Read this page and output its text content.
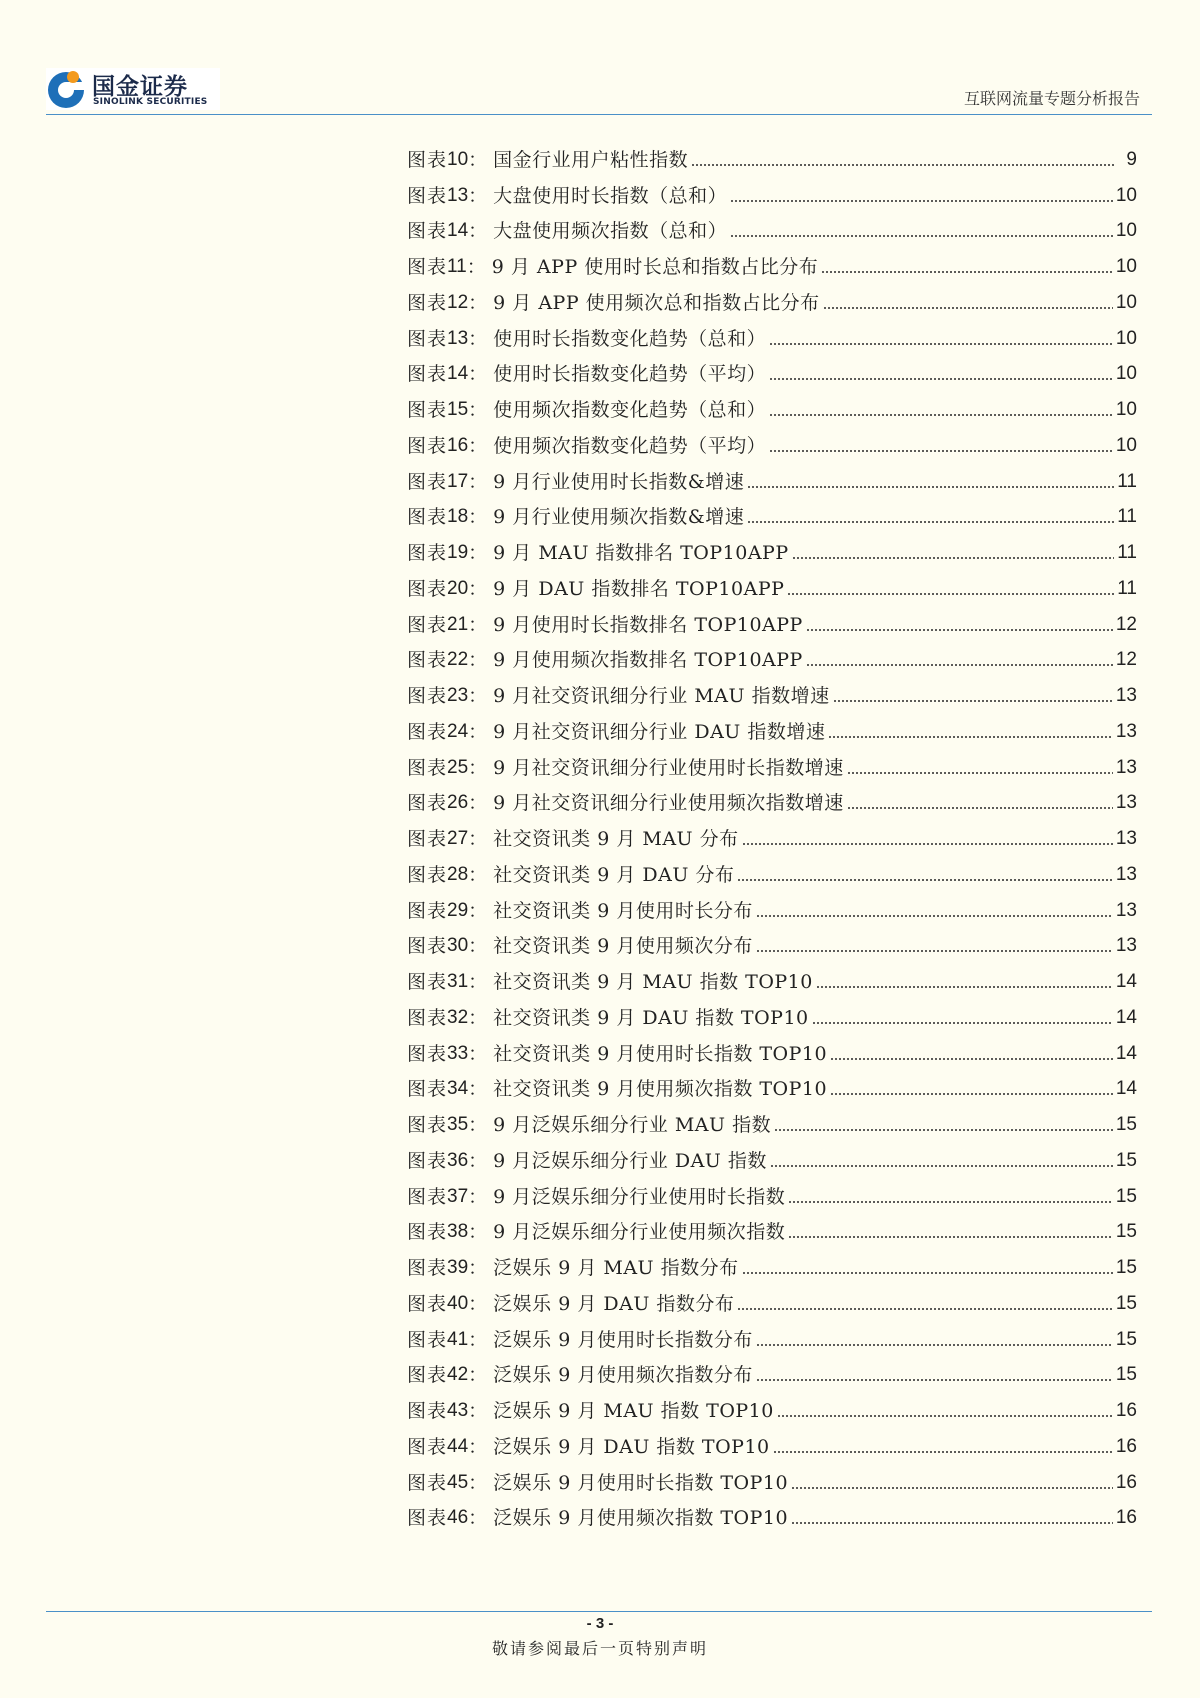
国金证券
SINOLINK SECURITIES	互联网流量专题分析报告
图表 10 ： 国金行业用户粘性指数	9
图表 13 ： 大盘使用时长指数（总和）	10
图表 14 ： 大盘使用频次指数（总和）	10
图表 11 ： 9 月 APP 使用时长总和指数占比分布	10
图表 12 ： 9 月 APP 使用频次总和指数占比分布	10
图表 13 ： 使用时长指数变化趋势（总和）	10
图表 14 ： 使用时长指数变化趋势（平均）	10
图表 15 ： 使用频次指数变化趋势（总和）	10
图表 16 ： 使用频次指数变化趋势（平均）	10
图表 17 ： 9 月行业使用时长指数&增速	11
图表 18 ： 9 月行业使用频次指数&增速	11
图表 19 ： 9 月 MAU 指数排名 TOP10APP	11
图表 20 ： 9 月 DAU 指数排名 TOP10APP	11
图表 21 ： 9 月使用时长指数排名 TOP10APP	12
图表 22 ： 9 月使用频次指数排名 TOP10APP	12
图表 23 ： 9 月社交资讯细分行业 MAU 指数增速	13
图表 24 ： 9 月社交资讯细分行业 DAU 指数增速	13
图表 25 ： 9 月社交资讯细分行业使用时长指数增速	13
图表 26 ： 9 月社交资讯细分行业使用频次指数增速	13
图表 27 ： 社交资讯类 9 月 MAU 分布	13
图表 28 ： 社交资讯类 9 月 DAU 分布	13
图表 29 ： 社交资讯类 9 月使用时长分布	13
图表 30 ： 社交资讯类 9 月使用频次分布	13
图表 31 ： 社交资讯类 9 月 MAU 指数 TOP10	14
图表 32 ： 社交资讯类 9 月 DAU 指数 TOP10	14
图表 33 ： 社交资讯类 9 月使用时长指数 TOP10	14
图表 34 ： 社交资讯类 9 月使用频次指数 TOP10	14
图表 35 ： 9 月泛娱乐细分行业 MAU 指数	15
图表 36 ： 9 月泛娱乐细分行业 DAU 指数	15
图表 37 ： 9 月泛娱乐细分行业使用时长指数	15
图表 38 ： 9 月泛娱乐细分行业使用频次指数	15
图表 39 ： 泛娱乐 9 月 MAU 指数分布	15
图表 40 ： 泛娱乐 9 月 DAU 指数分布	15
图表 41 ： 泛娱乐 9 月使用时长指数分布	15
图表 42 ： 泛娱乐 9 月使用频次指数分布	15
图表 43 ： 泛娱乐 9 月 MAU 指数 TOP10	16
图表 44 ： 泛娱乐 9 月 DAU 指数 TOP10	16
图表 45 ： 泛娱乐 9 月使用时长指数 TOP10	16
图表 46 ： 泛娱乐 9 月使用频次指数 TOP10	16
- 3 -
敬请参阅最后一页特别声明
